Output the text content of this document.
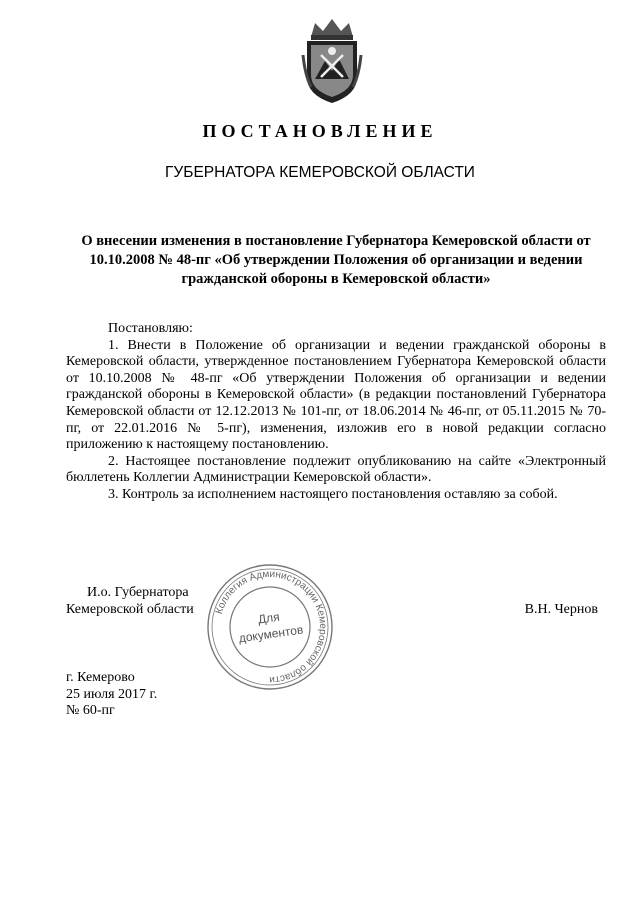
ПОСТАНОВЛЕНИЕ
ГУБЕРНАТОРА КЕМЕРОВСКОЙ ОБЛАСТИ
О внесении изменения в постановление Губернатора Кемеровской области от 10.10.2008 № 48-пг «Об утверждении Положения об организации и ведении гражданской обороны в Кемеровской области»

Постановляю:

1. Внести в Положение об организации и ведении гражданской обороны в Кемеровской области, утвержденное постановлением Губернатора Кемеровской области от 10.10.2008 № 48-пг «Об утверждении Положения об организации и ведении гражданской обороны в Кемеровской области» (в редакции постановлений Губернатора Кемеровской области от 12.12.2013 № 101-пг, от 18.06.2014 № 46-пг, от 05.11.2015 № 70-пг, от 22.01.2016 № 5-пг), изменения, изложив его в новой редакции согласно приложению к настоящему постановлению.

2. Настоящее постановление подлежит опубликованию на сайте «Электронный бюллетень Коллегии Администрации Кемеровской области».

3. Контроль за исполнением настоящего постановления оставляю за собой.

И.о. Губернатора
Кемеровской области Коллегия Администрации Кемеровской области
Для
документов
В.Н. Чернов
г. Кемерово
25 июля 2017 г.
№ 60-пг
